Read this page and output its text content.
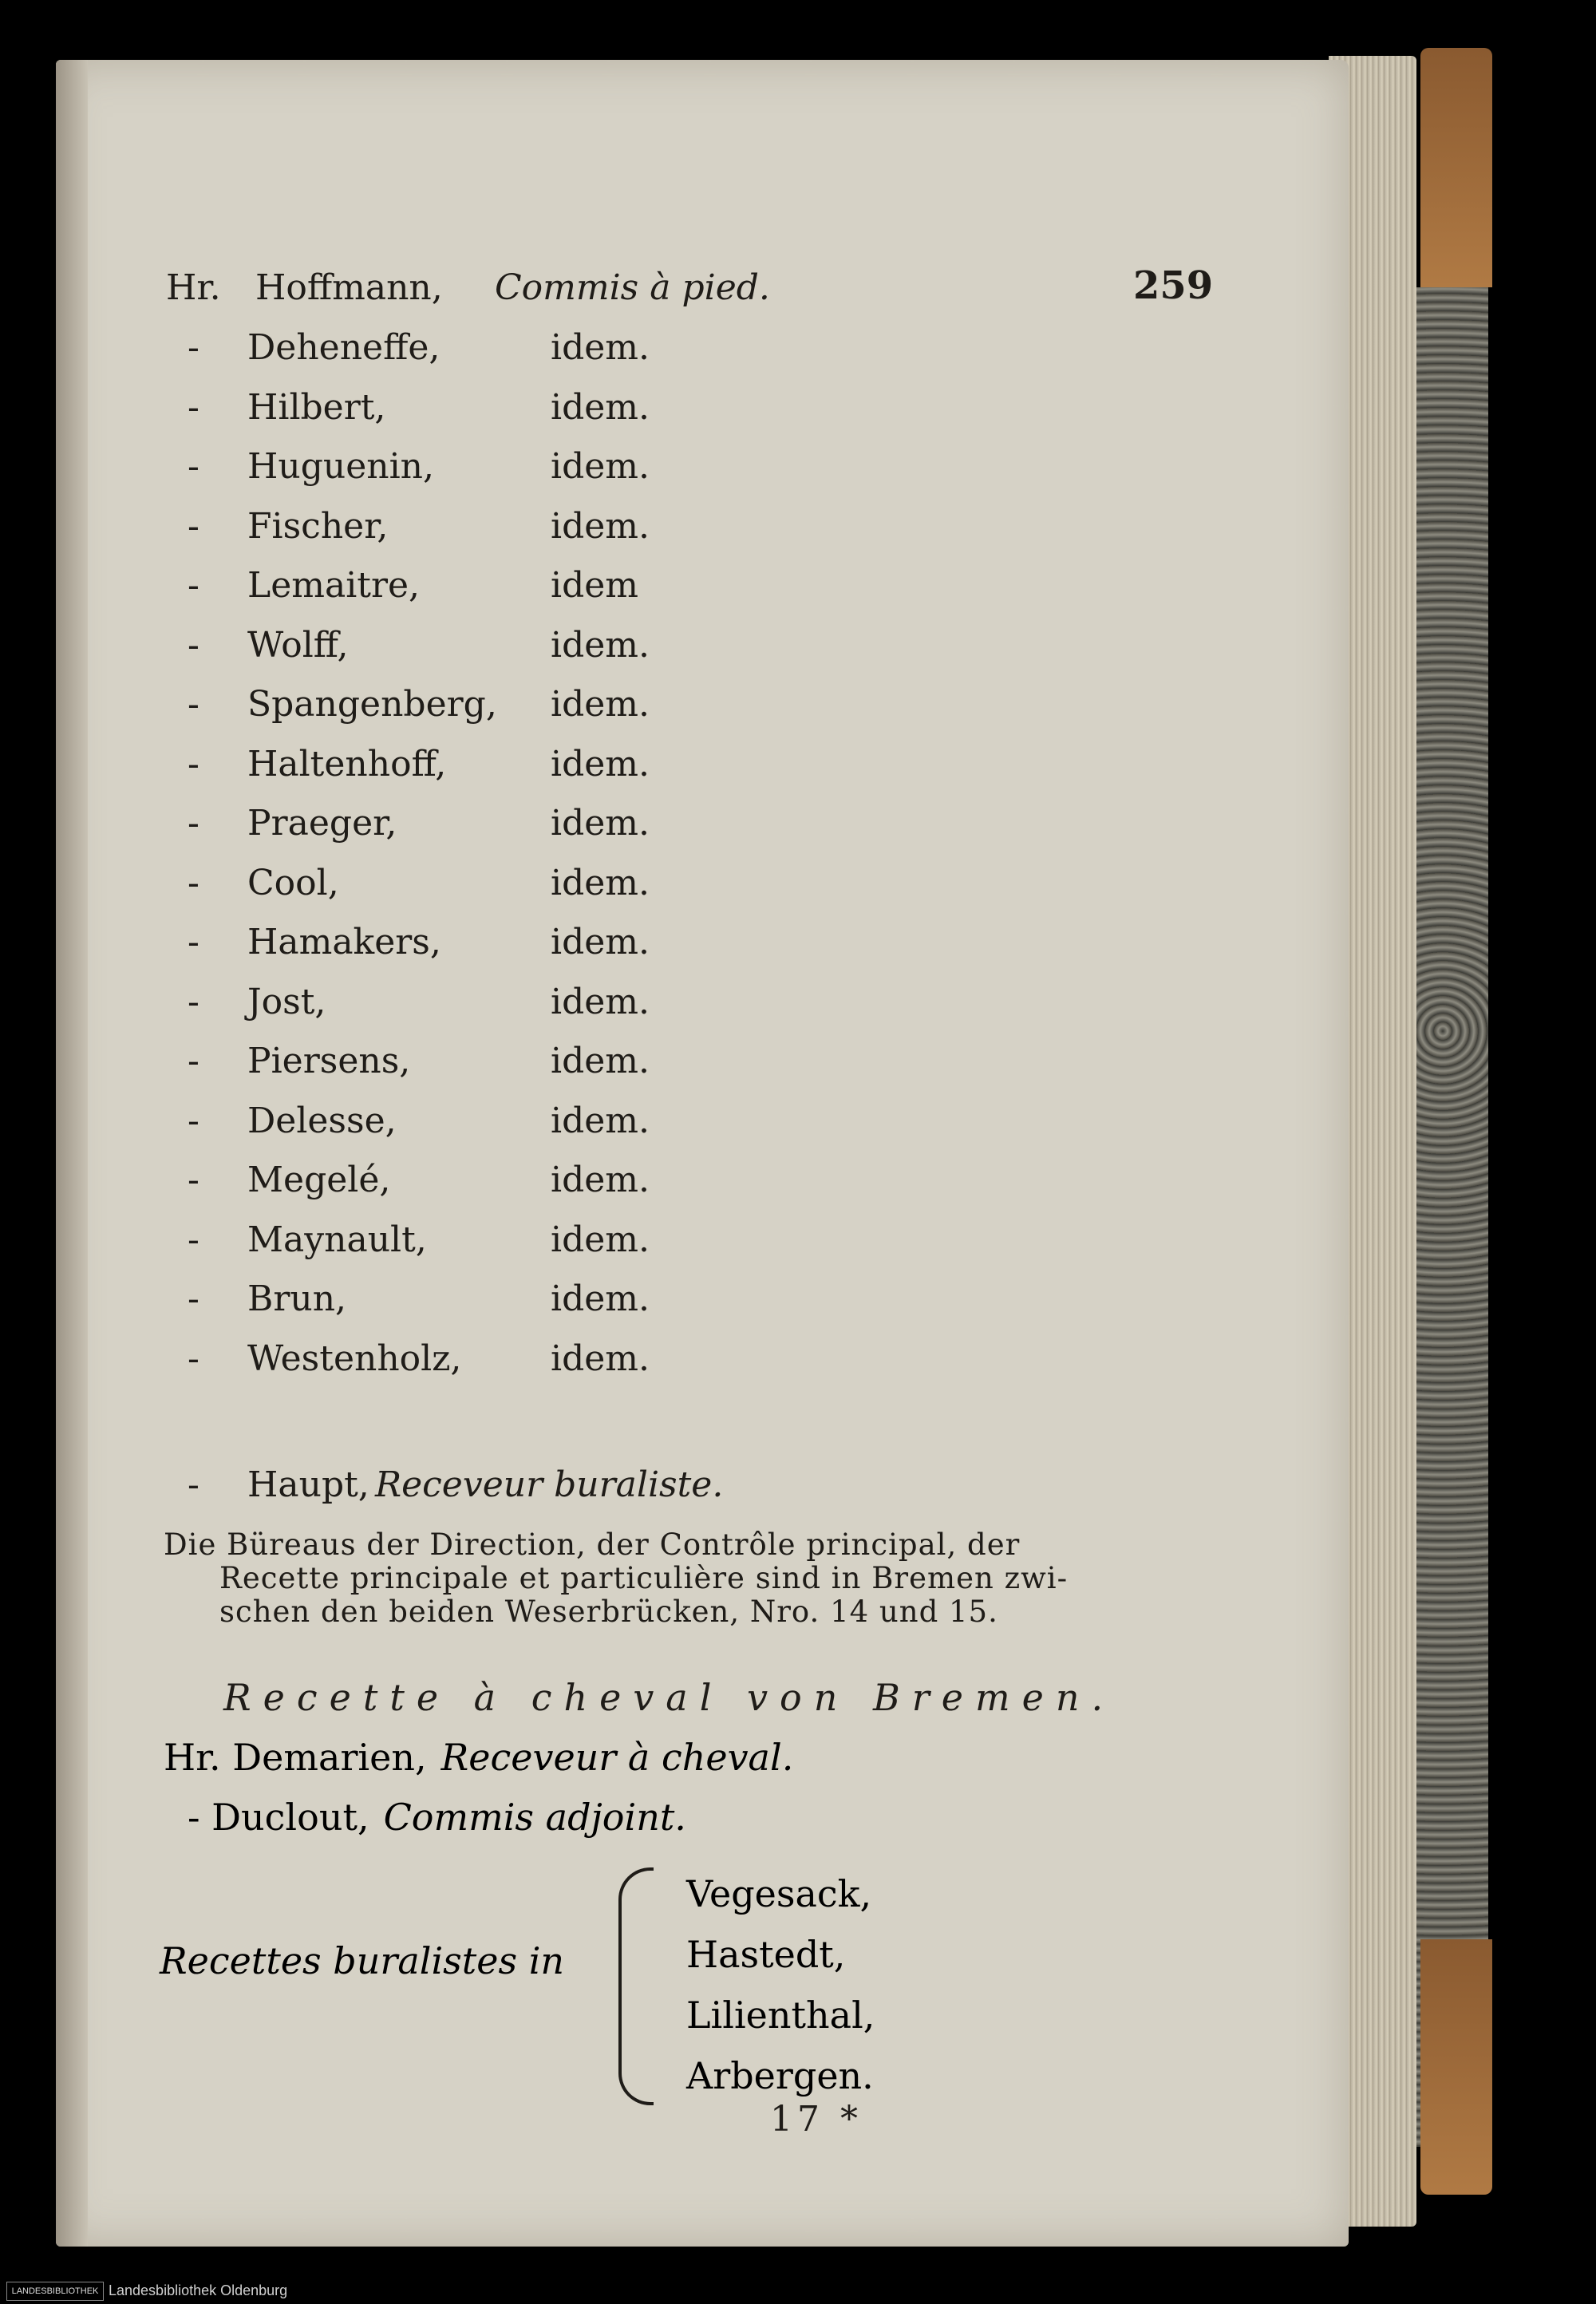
259
Hr. Hoffmann, Commis à pied.
- Deheneffe,	idem.
- Hilbert,	idem.
- Huguenin,	idem.
- Fischer,	idem.
- Lemaitre,	idem
- Wolff,	idem.
- Spangenberg, idem.
- Haltenhoff,	idem.
- Praeger,	idem.
- Cool,	idem.
- Hamakers,	idem.
- Jost,	idem.
- Piersens,	idem.
- Delesse,	idem.
- Megelé,	idem.
- Maynault,	idem.
- Brun,	idem.
- Westenholz,	idem.
- Haupt, Receveur buraliste.
Die Büreaus der Direction, der Contrôle principal, der
Recette principale et particulière sind in Bremen zwi-
schen den beiden Weserbrücken, Nro. 14 und 15.
Recette à cheval von Bremen.
Hr. Demarien, Receveur à cheval.
- Duclout, Commis adjoint.
Recettes buralistes in
Vegesack,
Hastedt,
Lilienthal,
Arbergen.
17 *
LANDESBIBLIOTHEK Landesbibliothek Oldenburg
